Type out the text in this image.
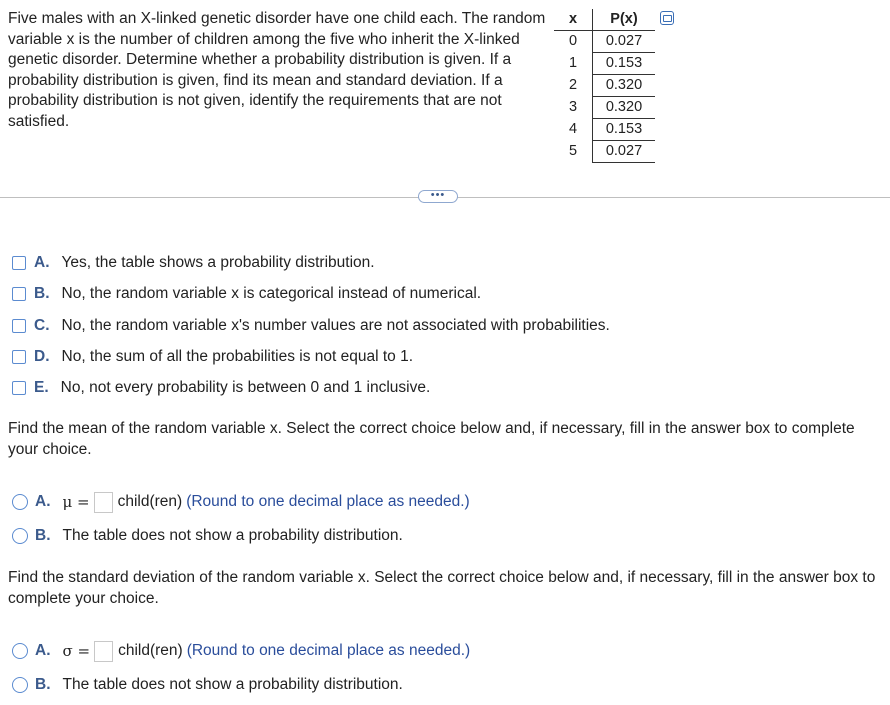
Five males with an X-linked genetic disorder have one child each. The random variable x is the number of children among the five who inherit the X-linked genetic disorder. Determine whether a probability distribution is given. If a probability distribution is given, find its mean and standard deviation. If a probability distribution is not given, identify the requirements that are not satisfied.

x	P(x)
0	0.027
1	0.153
2	0.320
3	0.320
4	0.153
5	0.027
•••
A. Yes, the table shows a probability distribution.
B. No, the random variable x is categorical instead of numerical.
C. No, the random variable x's number values are not associated with probabilities.
D. No, the sum of all the probabilities is not equal to 1.
E. No, not every probability is between 0 and 1 inclusive.

Find the mean of the random variable x. Select the correct choice below and, if necessary, fill in the answer box to complete your choice.

A. μ = child(ren) (Round to one decimal place as needed.)
B. The table does not show a probability distribution.

Find the standard deviation of the random variable x. Select the correct choice below and, if necessary, fill in the answer box to complete your choice.

A. σ = child(ren) (Round to one decimal place as needed.)
B. The table does not show a probability distribution.
